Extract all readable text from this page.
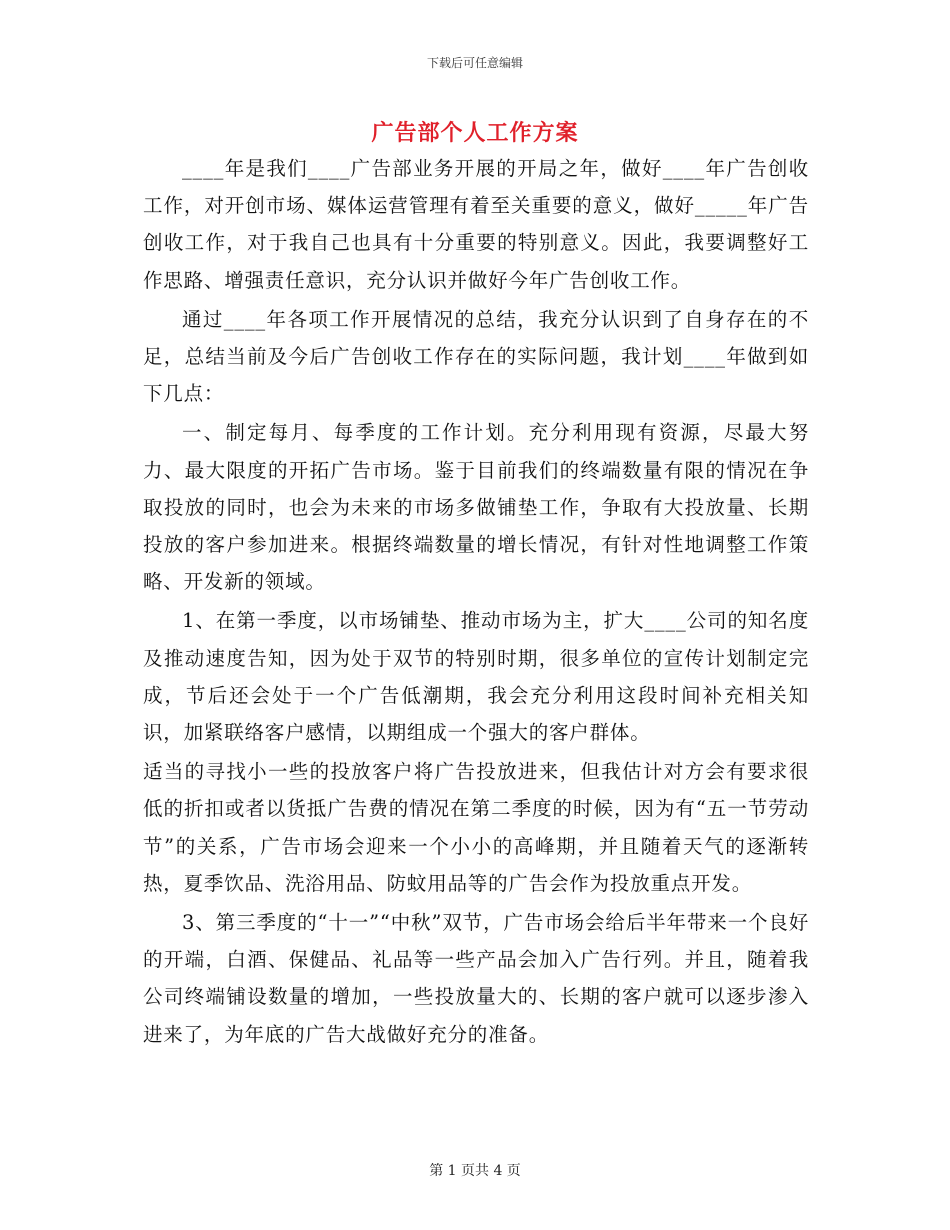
下载后可任意编辑
广告部个人工作方案

____年是我们____广告部业务开展的开局之年，做好____年广告创收工作，对开创市场、媒体运营管理有着至关重要的意义，做好_____年广告创收工作，对于我自己也具有十分重要的特别意义。因此，我要调整好工作思路、增强责任意识，充分认识并做好今年广告创收工作。

通过____年各项工作开展情况的总结，我充分认识到了自身存在的不足，总结当前及今后广告创收工作存在的实际问题，我计划____年做到如下几点：

一、制定每月、每季度的工作计划。充分利用现有资源，尽最大努力、最大限度的开拓广告市场。鉴于目前我们的终端数量有限的情况在争取投放的同时，也会为未来的市场多做铺垫工作，争取有大投放量、长期投放的客户参加进来。根据终端数量的增长情况，有针对性地调整工作策略、开发新的领域。

1、在第一季度，以市场铺垫、推动市场为主，扩大____公司的知名度及推动速度告知，因为处于双节的特别时期，很多单位的宣传计划制定完成，节后还会处于一个广告低潮期，我会充分利用这段时间补充相关知识，加紧联络客户感情，以期组成一个强大的客户群体。

适当的寻找小一些的投放客户将广告投放进来，但我估计对方会有要求很低的折扣或者以货抵广告费的情况在第二季度的时候，因为有“五一节劳动节”的关系，广告市场会迎来一个小小的高峰期，并且随着天气的逐渐转热，夏季饮品、洗浴用品、防蚊用品等的广告会作为投放重点开发。

3、第三季度的“十一”“中秋”双节，广告市场会给后半年带来一个良好的开端，白酒、保健品、礼品等一些产品会加入广告行列。并且，随着我公司终端铺设数量的增加，一些投放量大的、长期的客户就可以逐步渗入进来了，为年底的广告大战做好充分的准备。

第 1 页共 4 页
